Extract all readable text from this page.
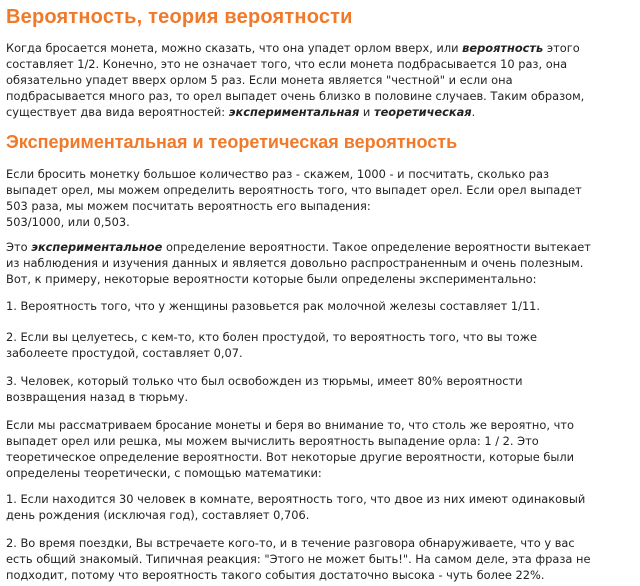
Вероятность, теория вероятности

Когда бросается монета, можно сказать, что она упадет орлом вверх, или вероятность этого
составляет 1/2. Конечно, это не означает того, что если монета подбрасывается 10 раз, она
обязательно упадет вверх орлом 5 раз. Если монета является "честной" и если она
подбрасывается много раз, то орел выпадет очень близко в половине случаев. Таким образом,
существует два вида вероятностей: экспериментальная и теоретическая.

Экспериментальная и теоретическая вероятность

Если бросить монетку большое количество раз - скажем, 1000 - и посчитать, сколько раз
выпадет орел, мы можем определить вероятность того, что выпадет орел. Если орел выпадет
503 раза, мы можем посчитать вероятность его выпадения:
503/1000, или 0,503.

Это экспериментальное определение вероятности. Такое определение вероятности вытекает
из наблюдения и изучения данных и является довольно распространенным и очень полезным.
Вот, к примеру, некоторые вероятности которые были определены экспериментально:

1. Вероятность того, что у женщины разовьется рак молочной железы составляет 1/11.

2. Если вы целуетесь, с кем-то, кто болен простудой, то вероятность того, что вы тоже
заболеете простудой, составляет 0,07.

3. Человек, который только что был освобожден из тюрьмы, имеет 80% вероятности
возвращения назад в тюрьму.

Если мы рассматриваем бросание монеты и беря во внимание то, что столь же вероятно, что
выпадет орел или решка, мы можем вычислить вероятность выпадение орла: 1 / 2. Это
теоретическое определение вероятности. Вот некоторые другие вероятности, которые были
определены теоретически, с помощью математики:

1. Если находится 30 человек в комнате, вероятность того, что двое из них имеют одинаковый
день рождения (исключая год), составляет 0,706.

2. Во время поездки, Вы встречаете кого-то, и в течение разговора обнаруживаете, что у вас
есть общий знакомый. Типичная реакция: "Этого не может быть!". На самом деле, эта фраза не
подходит, потому что вероятность такого события достаточно высока - чуть более 22%.
